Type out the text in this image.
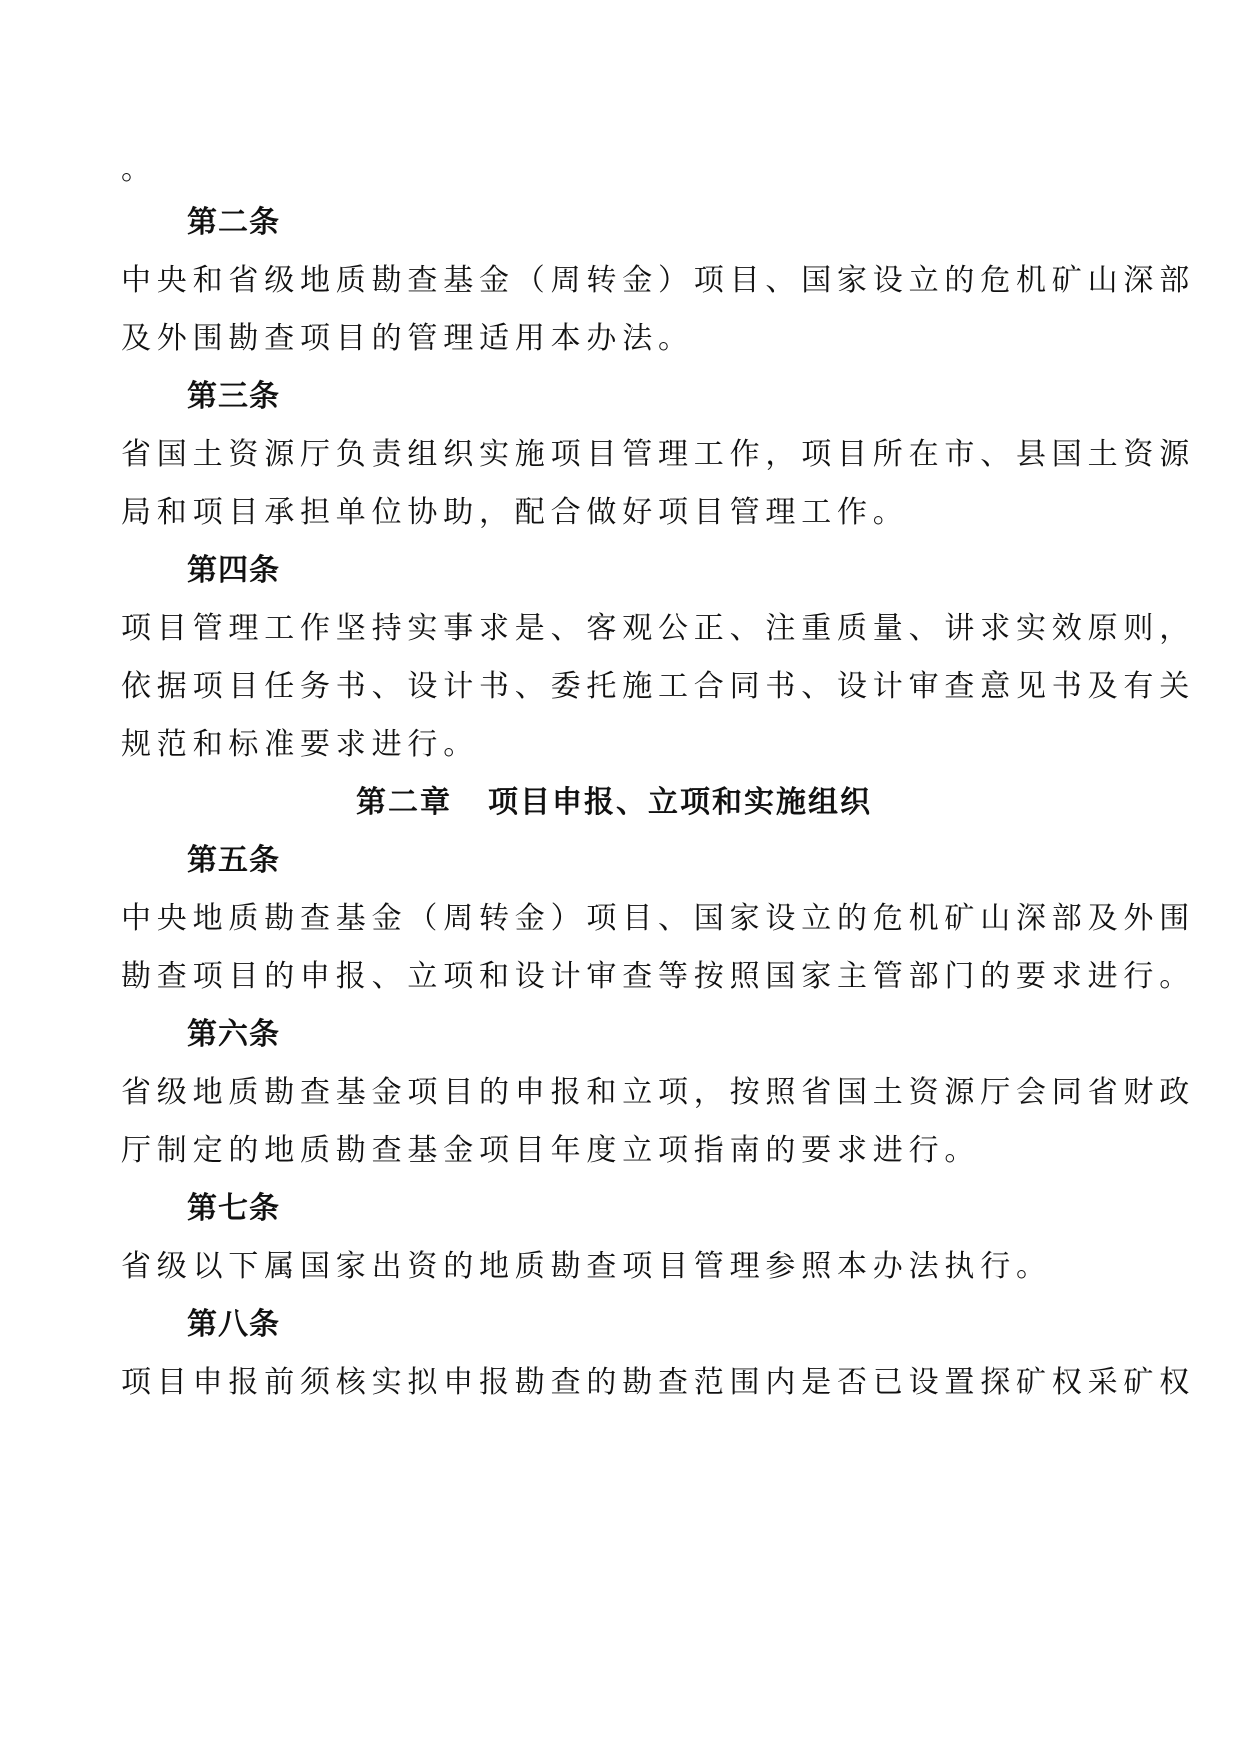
。
第二条
中央和省级地质勘查基金（周转金）项目、国家设立的危机矿山深部
及外围勘查项目的管理适用本办法。
第三条
省国土资源厅负责组织实施项目管理工作，项目所在市、县国土资源
局和项目承担单位协助，配合做好项目管理工作。
第四条
项目管理工作坚持实事求是、客观公正、注重质量、讲求实效原则，
依据项目任务书、设计书、委托施工合同书、设计审查意见书及有关
规范和标准要求进行。
第二章 项目申报、立项和实施组织
第五条
中央地质勘查基金（周转金）项目、国家设立的危机矿山深部及外围
勘查项目的申报、立项和设计审查等按照国家主管部门的要求进行。
第六条
省级地质勘查基金项目的申报和立项，按照省国土资源厅会同省财政
厅制定的地质勘查基金项目年度立项指南的要求进行。
第七条
省级以下属国家出资的地质勘查项目管理参照本办法执行。
第八条
项目申报前须核实拟申报勘查的勘查范围内是否已设置探矿权采矿权
